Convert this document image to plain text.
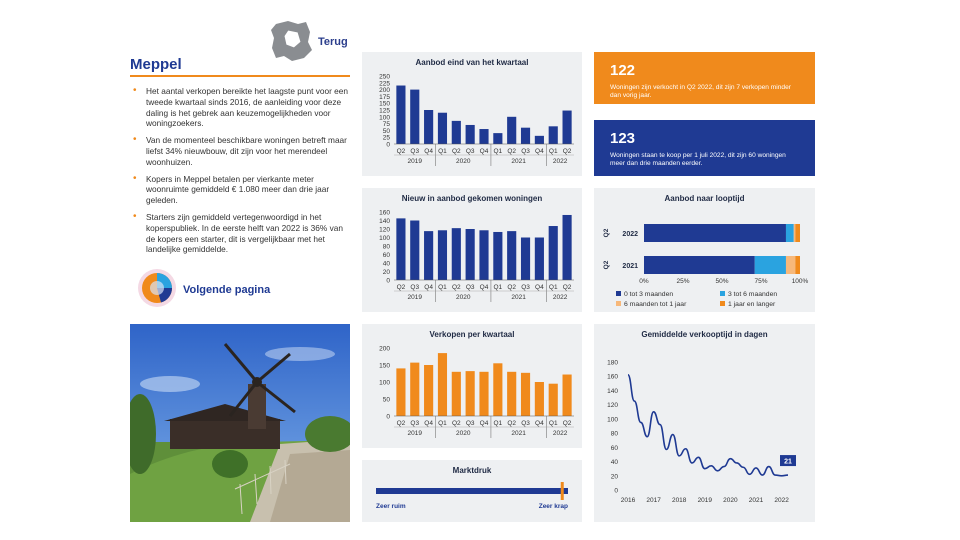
Terug
Meppel
• Het aantal verkopen bereikte het laagste punt voor een tweede kwartaal sinds 2016, de aanleiding voor deze daling is het gebrek aan keuzemogelijkheden voor woningzoekers.
• Van de momenteel beschikbare woningen betreft maar liefst 34% nieuwbouw, dit zijn voor het merendeel woonhuizen.
• Kopers in Meppel betalen per vierkante meter woonruimte gemiddeld € 1.080 meer dan drie jaar geleden.
• Starters zijn gemiddeld vertegenwoordigd in het koperspubliek. In de eerste helft van 2022 is 36% van de kopers een starter, dit is vergelijkbaar met het landelijke gemiddelde.
Volgende pagina
Aanbod eind van het kwartaal
0
25
50
75
100
125
150
175
200
225
250
Q2 Q3 Q4 Q1 Q2 Q3 Q4 Q1 Q2 Q3 Q4 Q1 Q2
2019	2020	2021	2022
Nieuw in aanbod gekomen woningen
0
20
40
60
80
100
120
140
160
Q2 Q3 Q4 Q1 Q2 Q3 Q4 Q1 Q2 Q3 Q4 Q1 Q2
2019	2020	2021	2022
Verkopen per kwartaal
0
50
100
150
200
Q2 Q3 Q4 Q1 Q2 Q3 Q4 Q1 Q2 Q3 Q4 Q1 Q2
2019	2020	2021	2022
Marktdruk
Zeer ruim	Zeer krap
122
Woningen zijn verkocht in Q2 2022, dit zijn 7 verkopen minder dan vorig jaar.
123
Woningen staan te koop per 1 juli 2022, dit zijn 60 woningen meer dan drie maanden eerder.
Aanbod naar looptijd
2022
Q2
2021
Q2
0%	25%	50%	75%	100%
0 tot 3 maanden	3 tot 6 maanden
6 maanden tot 1 jaar	1 jaar en langer
Gemiddelde verkooptijd in dagen
0
20
40
60
80
100
120
140
160
180
2016 2017 2018 2019 2020 2021 2022
21
